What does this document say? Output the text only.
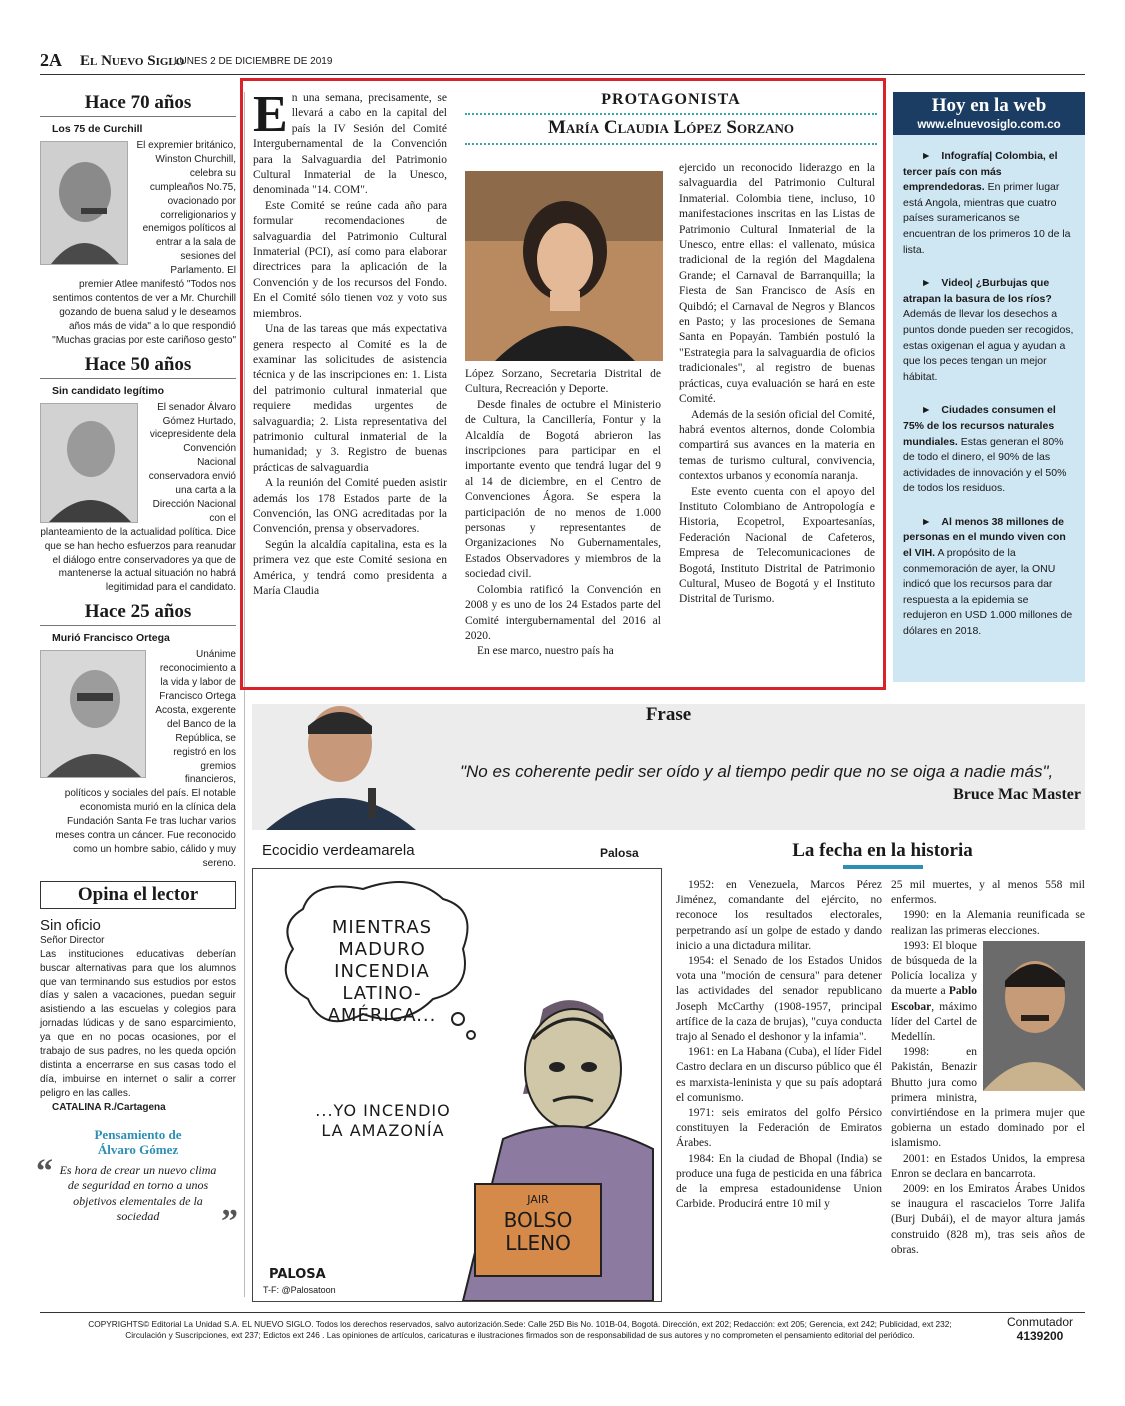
2A El Nuevo Siglo
LUNES 2 DE DICIEMBRE DE 2019
Hace 70 años
Los 75 de Curchill
El expremier británico, Winston Churchill, celebra su cumpleaños No.75, ovacionado por correligionarios y enemigos políticos al entrar a la sala de sesiones del Parlamento. El premier Atlee manifestó "Todos nos sentimos contentos de ver a Mr. Churchill gozando de buena salud y le deseamos años más de vida" a lo que respondió "Muchas gracias por este cariñoso gesto"
Hace 50 años
Sin candidato legítimo
El senador Álvaro Gómez Hurtado, vicepresidente dela Convención Nacional conservadora envió una carta a la Dirección Nacional con el planteamiento de la actualidad política. Dice que se han hecho esfuerzos para reanudar el diálogo entre conservadores ya que de mantenerse la actual situación no habrá legitimidad para el candidato.
Hace 25 años
Murió Francisco Ortega
Unánime reconocimiento a la vida y labor de Francisco Ortega Acosta, exgerente del Banco de la República, se registró en los gremios financieros, políticos y sociales del país. El notable economista murió en la clínica dela Fundación Santa Fe tras luchar varios meses contra un cáncer. Fue reconocido como un hombre sabio, cálido y muy sereno.
Opina el lector
Sin oficio
Señor Director
Las instituciones educativas deberían buscar alternativas para que los alumnos que van terminando sus estudios por estos días y salen a vacaciones, puedan seguir asistiendo a las escuelas y colegios para jornadas lúdicas y de sano esparcimiento, ya que en no pocas ocasiones, por el trabajo de sus padres, no les queda opción distinta a encerrarse en sus casas todo el día, imbuirse en internet o salir a correr peligro en las calles.
CATALINA R./Cartagena
Pensamiento de
Álvaro Gómez
“ Es hora de crear un nuevo clima de seguridad en torno a unos objetivos elementales de la sociedad	”
E n una semana, precisamente, se llevará a cabo en la capital del país la IV Sesión del Comité Intergubernamental de la Convención para la Salvaguardia del Patrimonio Cultural Inmaterial de la Unesco, denominada "14. COM".

Este Comité se reúne cada año para formular recomendaciones de salvaguardia del Patrimonio Cultural Inmaterial (PCI), así como para elaborar directrices para la aplicación de la Convención y de los recursos del Fondo. En el Comité sólo tienen voz y voto sus miembros.

Una de las tareas que más expectativa genera respecto al Comité es la de examinar las solicitudes de asistencia técnica y de las inscripciones en: 1. Lista del patrimonio cultural inmaterial que requiere medidas urgentes de salvaguardia; 2. Lista representativa del patrimonio cultural inmaterial de la humanidad; y 3. Registro de buenas prácticas de salvaguardia

A la reunión del Comité pueden asistir además los 178 Estados parte de la Convención, las ONG acreditadas por la Convención, prensa y observadores.

Según la alcaldía capitalina, esta es la primera vez que este Comité sesiona en América, y tendrá como presidenta a María Claudia

PROTAGONISTA
María Claudia López Sorzano

López Sorzano, Secretaria Distrital de Cultura, Recreación y Deporte.

Desde finales de octubre el Ministerio de Cultura, la Cancillería, Fontur y la Alcaldía de Bogotá abrieron las inscripciones para participar en el importante evento que tendrá lugar del 9 al 14 de diciembre, en el Centro de Convenciones Ágora. Se espera la participación de no menos de 1.000 personas y representantes de Organizaciones No Gubernamentales, Estados Observadores y miembros de la sociedad civil.

Colombia ratificó la Convención en 2008 y es uno de los 24 Estados parte del Comité intergubernamental del 2016 al 2020.

En ese marco, nuestro país ha

ejercido un reconocido liderazgo en la salvaguardia del Patrimonio Cultural Inmaterial. Colombia tiene, incluso, 10 manifestaciones inscritas en las Listas de Patrimonio Cultural Inmaterial de la Unesco, entre ellas: el vallenato, música tradicional de la región del Magdalena Grande; el Carnaval de Barranquilla; la Fiesta de San Francisco de Asís en Quibdó; el Carnaval de Negros y Blancos en Pasto; y las procesiones de Semana Santa en Popayán. También postuló la "Estrategia para la salvaguardia de oficios tradicionales", al registro de buenas prácticas, cuya evaluación se hará en este Comité.

Además de la sesión oficial del Comité, habrá eventos alternos, donde Colombia compartirá sus avances en la materia en temas de turismo cultural, convivencia, contextos urbanos y economía naranja.

Este evento cuenta con el apoyo del Instituto Colombiano de Antropología e Historia, Ecopetrol, Expoartesanías, Federación Nacional de Cafeteros, Empresa de Telecomunicaciones de Bogotá, Instituto Distrital de Patrimonio Cultural, Museo de Bogotá y el Instituto Distrital de Turismo.

Hoy en la web
www.elnuevosiglo.com.co
► Infografía| Colombia, el tercer país con más emprendedoras. En primer lugar está Angola, mientras que cuatro países suramericanos se encuentran de los primeros 10 de la lista.
► Video| ¿Burbujas que atrapan la basura de los ríos? Además de llevar los desechos a puntos donde pueden ser recogidos, estas oxigenan el agua y ayudan a que los peces tengan un mejor hábitat.
► Ciudades consumen el 75% de los recursos naturales mundiales. Estas generan el 80% de todo el dinero, el 90% de las actividades de innovación y el 50% de todos los residuos.
► Al menos 38 millones de personas en el mundo viven con el VIH. A propósito de la conmemoración de ayer, la ONU indicó que los recursos para dar respuesta a la epidemia se redujeron en USD 1.000 millones de dólares en 2018.
Frase
"No es coherente pedir ser oído y al tiempo pedir que no se oiga a nadie más",
Bruce Mac Master
Ecocidio verdeamarela	Palosa
MIENTRAS MADURO INCENDIA LATINO-AMÉRICA...
...YO INCENDIO LA AMAZONÍA
JAIR
BOLSO LLENO
PALOSA
T-F: @Palosatoon
La fecha en la historia

1952: en Venezuela, Marcos Pérez Jiménez, comandante del ejército, no reconoce los resultados electorales, perpetrando así un golpe de estado y dando inicio a una dictadura militar.

1954: el Senado de los Estados Unidos vota una "moción de censura" para detener las actividades del senador republicano Joseph McCarthy (1908-1957, principal artífice de la caza de brujas), "cuya conducta trajo al Senado el deshonor y la infamia".

1961: en La Habana (Cuba), el líder Fidel Castro declara en un discurso público que él es marxista-leninista y que su país adoptará el comunismo.

1971: seis emiratos del golfo Pérsico constituyen la Federación de Emiratos Árabes.

1984: En la ciudad de Bhopal (India) se produce una fuga de pesticida en una fábrica de la empresa estadounidense Union Carbide. Producirá entre 10 mil y

25 mil muertes, y al menos 558 mil enfermos.

1990: en la Alemania reunificada se realizan las primeras elecciones.

1993: El bloque de búsqueda de la Policía localiza y da muerte a Pablo Escobar, máximo líder del Cartel de Medellín.

1998: en Pakistán, Benazir Bhutto jura como primera ministra, convirtiéndose en la primera mujer que gobierna un estado dominado por el islamismo.

2001: en Estados Unidos, la empresa Enron se declara en bancarrota.

2009: en los Emiratos Árabes Unidos se inaugura el rascacielos Torre Jalifa (Burj Dubái), el de mayor altura jamás construido (828 m), tras seis años de obras.

COPYRIGHTS© Editorial La Unidad S.A. EL NUEVO SIGLO. Todos los derechos reservados, salvo autorización.Sede: Calle 25D Bis No. 101B-04, Bogotá. Dirección, ext 202; Redacción: ext 205; Gerencia, ext 242; Publicidad, ext 232;
Circulación y Suscripciones, ext 237; Edictos ext 246 . Las opiniones de artículos, caricaturas e ilustraciones firmados son de responsabilidad de sus autores y no comprometen el pensamiento editorial del periódico.
Conmutador
4139200
